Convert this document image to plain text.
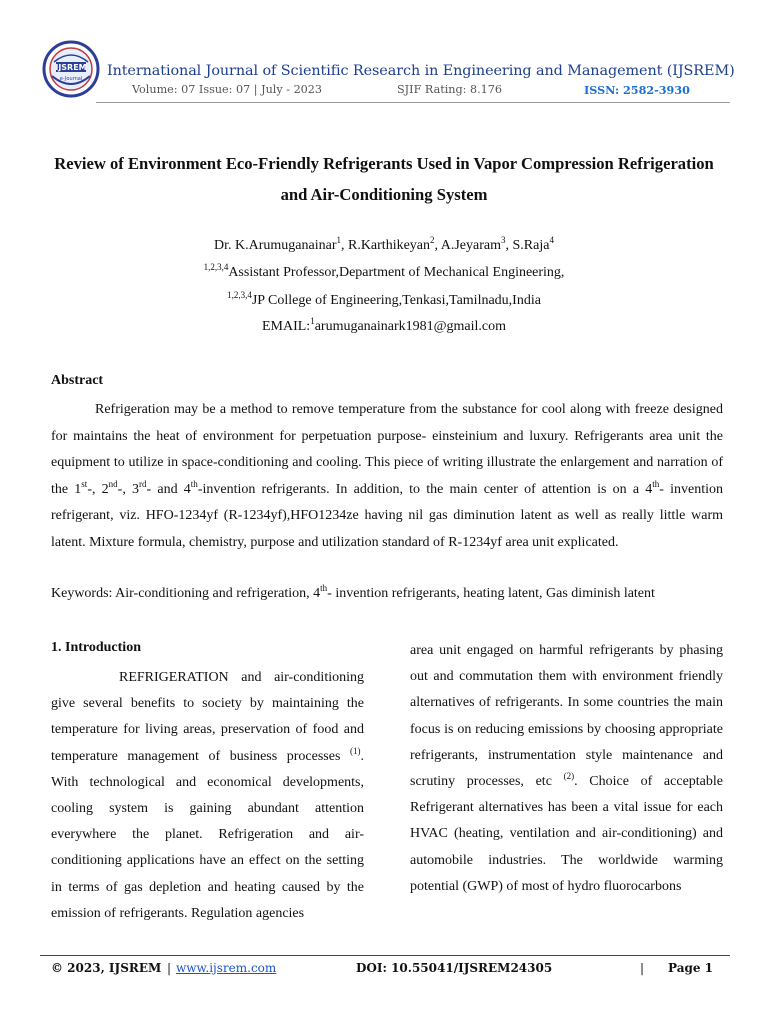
IJSREM
e-Journal International Journal of Scientific Research in Engineering and Management (IJSREM)
Volume: 07 Issue: 07 | July - 2023	SJIF Rating: 8.176	ISSN: 2582-3930
Review of Environment Eco-Friendly Refrigerants Used in Vapor Compression Refrigeration and Air-Conditioning System
Dr. K.Arumuganainar$^1$, R.Karthikeyan$^2$, A.Jeyaram$^3$, S.Raja$^4$
$^{1,2,3,4}$Assistant Professor,Department of Mechanical Engineering,
$^{1,2,3,4}$JP College of Engineering,Tenkasi,Tamilnadu,India
EMAIL:$^1$arumuganainark1981@gmail.com
Abstract

Refrigeration may be a method to remove temperature from the substance for cool along with freeze designed for maintains the heat of environment for perpetuation purpose- einsteinium and luxury. Refrigerants area unit the equipment to utilize in space-conditioning and cooling. This piece of writing illustrate the enlargement and narration of the 1st-, 2nd-, 3rd- and 4th-invention refrigerants. In addition, to the main center of attention is on a 4th- invention refrigerant, viz. HFO-1234yf (R-1234yf),HFO1234ze having nil gas diminution latent as well as really little warm latent. Mixture formula, chemistry, purpose and utilization standard of R-1234yf area unit explicated.

Keywords: Air-conditioning and refrigeration, 4th- invention refrigerants, heating latent, Gas diminish latent
1. Introduction

REFRIGERATION and air-conditioning give several benefits to society by maintaining the temperature for living areas, preservation of food and temperature management of business processes $^{(1)}$. With technological and economical developments, cooling system is gaining abundant attention everywhere the planet. Refrigeration and air-conditioning applications have an effect on the setting in terms of gas depletion and heating caused by the emission of refrigerants. Regulation agencies

area unit engaged on harmful refrigerants by phasing out and commutation them with environment friendly alternatives of refrigerants. In some countries the main focus is on reducing emissions by choosing appropriate refrigerants, instrumentation style maintenance and scrutiny processes, etc $^{(2)}$. Choice of acceptable Refrigerant alternatives has been a vital issue for each HVAC (heating, ventilation and air-conditioning) and automobile industries. The worldwide warming potential (GWP) of most of hydro fluorocarbons

© 2023, IJSREM | www.ijsrem.com	DOI: 10.55041/IJSREM24305	| Page 1
